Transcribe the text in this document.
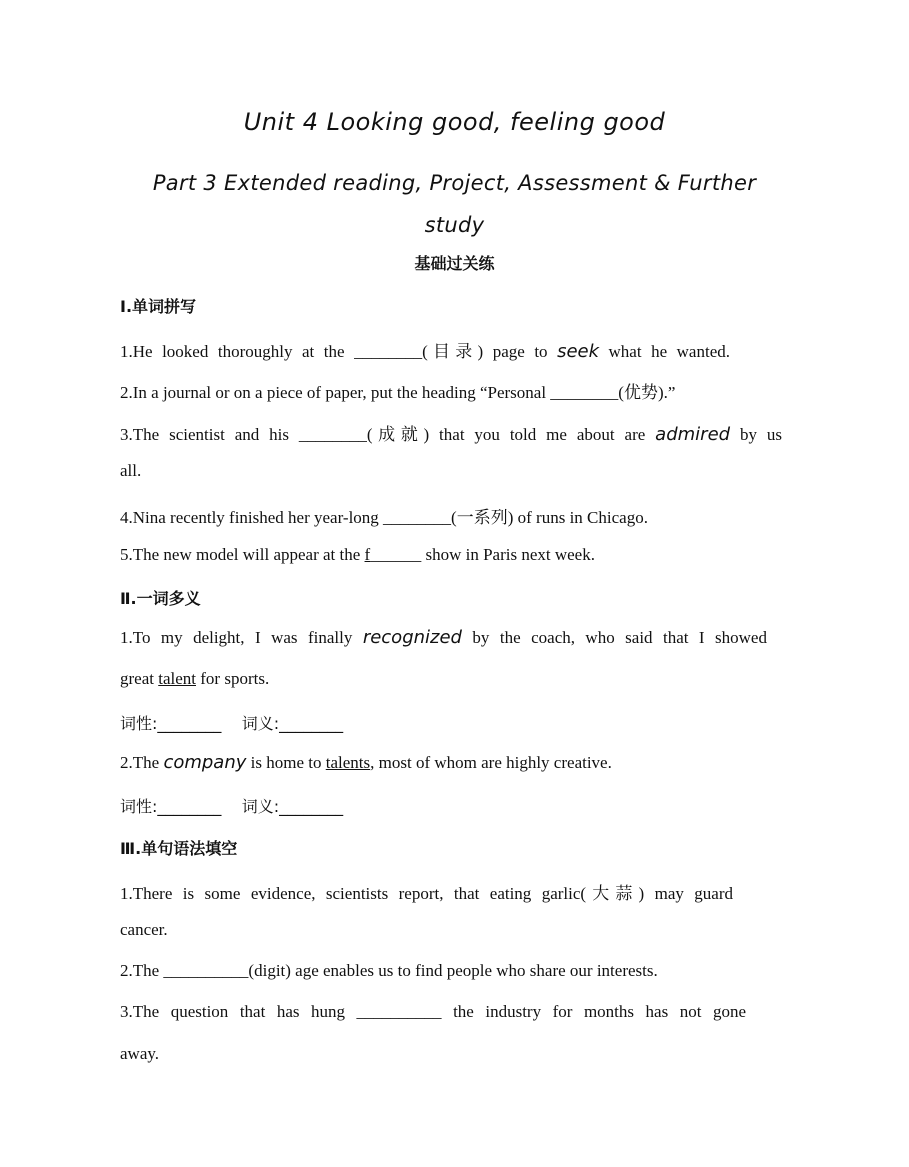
Unit 4 Looking good, feeling good
Part 3 Extended reading, Project, Assessment & Further study
基础过关练
Ⅰ.单词拼写
1.He looked thoroughly at the ________(目录) page to seek what he wanted.
2.In a journal or on a piece of paper, put the heading “Personal ________(优势).”
3.The scientist and his ________(成就) that you told me about are admired by us
all.
4.Nina recently finished her year-long ________(一系列) of runs in Chicago.
5.The new model will appear at the f______ show in Paris next week.
Ⅱ.一词多义
1.To my delight, I was finally recognized by the coach, who said that I showed
great talent for sports.
词性:________    词义:________
2.The company is home to talents, most of whom are highly creative.
词性:________    词义:________
Ⅲ.单句语法填空
1.There is some evidence, scientists report, that eating garlic(大蒜) may guard
cancer.
2.The __________(digit) age enables us to find people who share our interests.
3.The question that has hung __________ the industry for months has not gone
away.
